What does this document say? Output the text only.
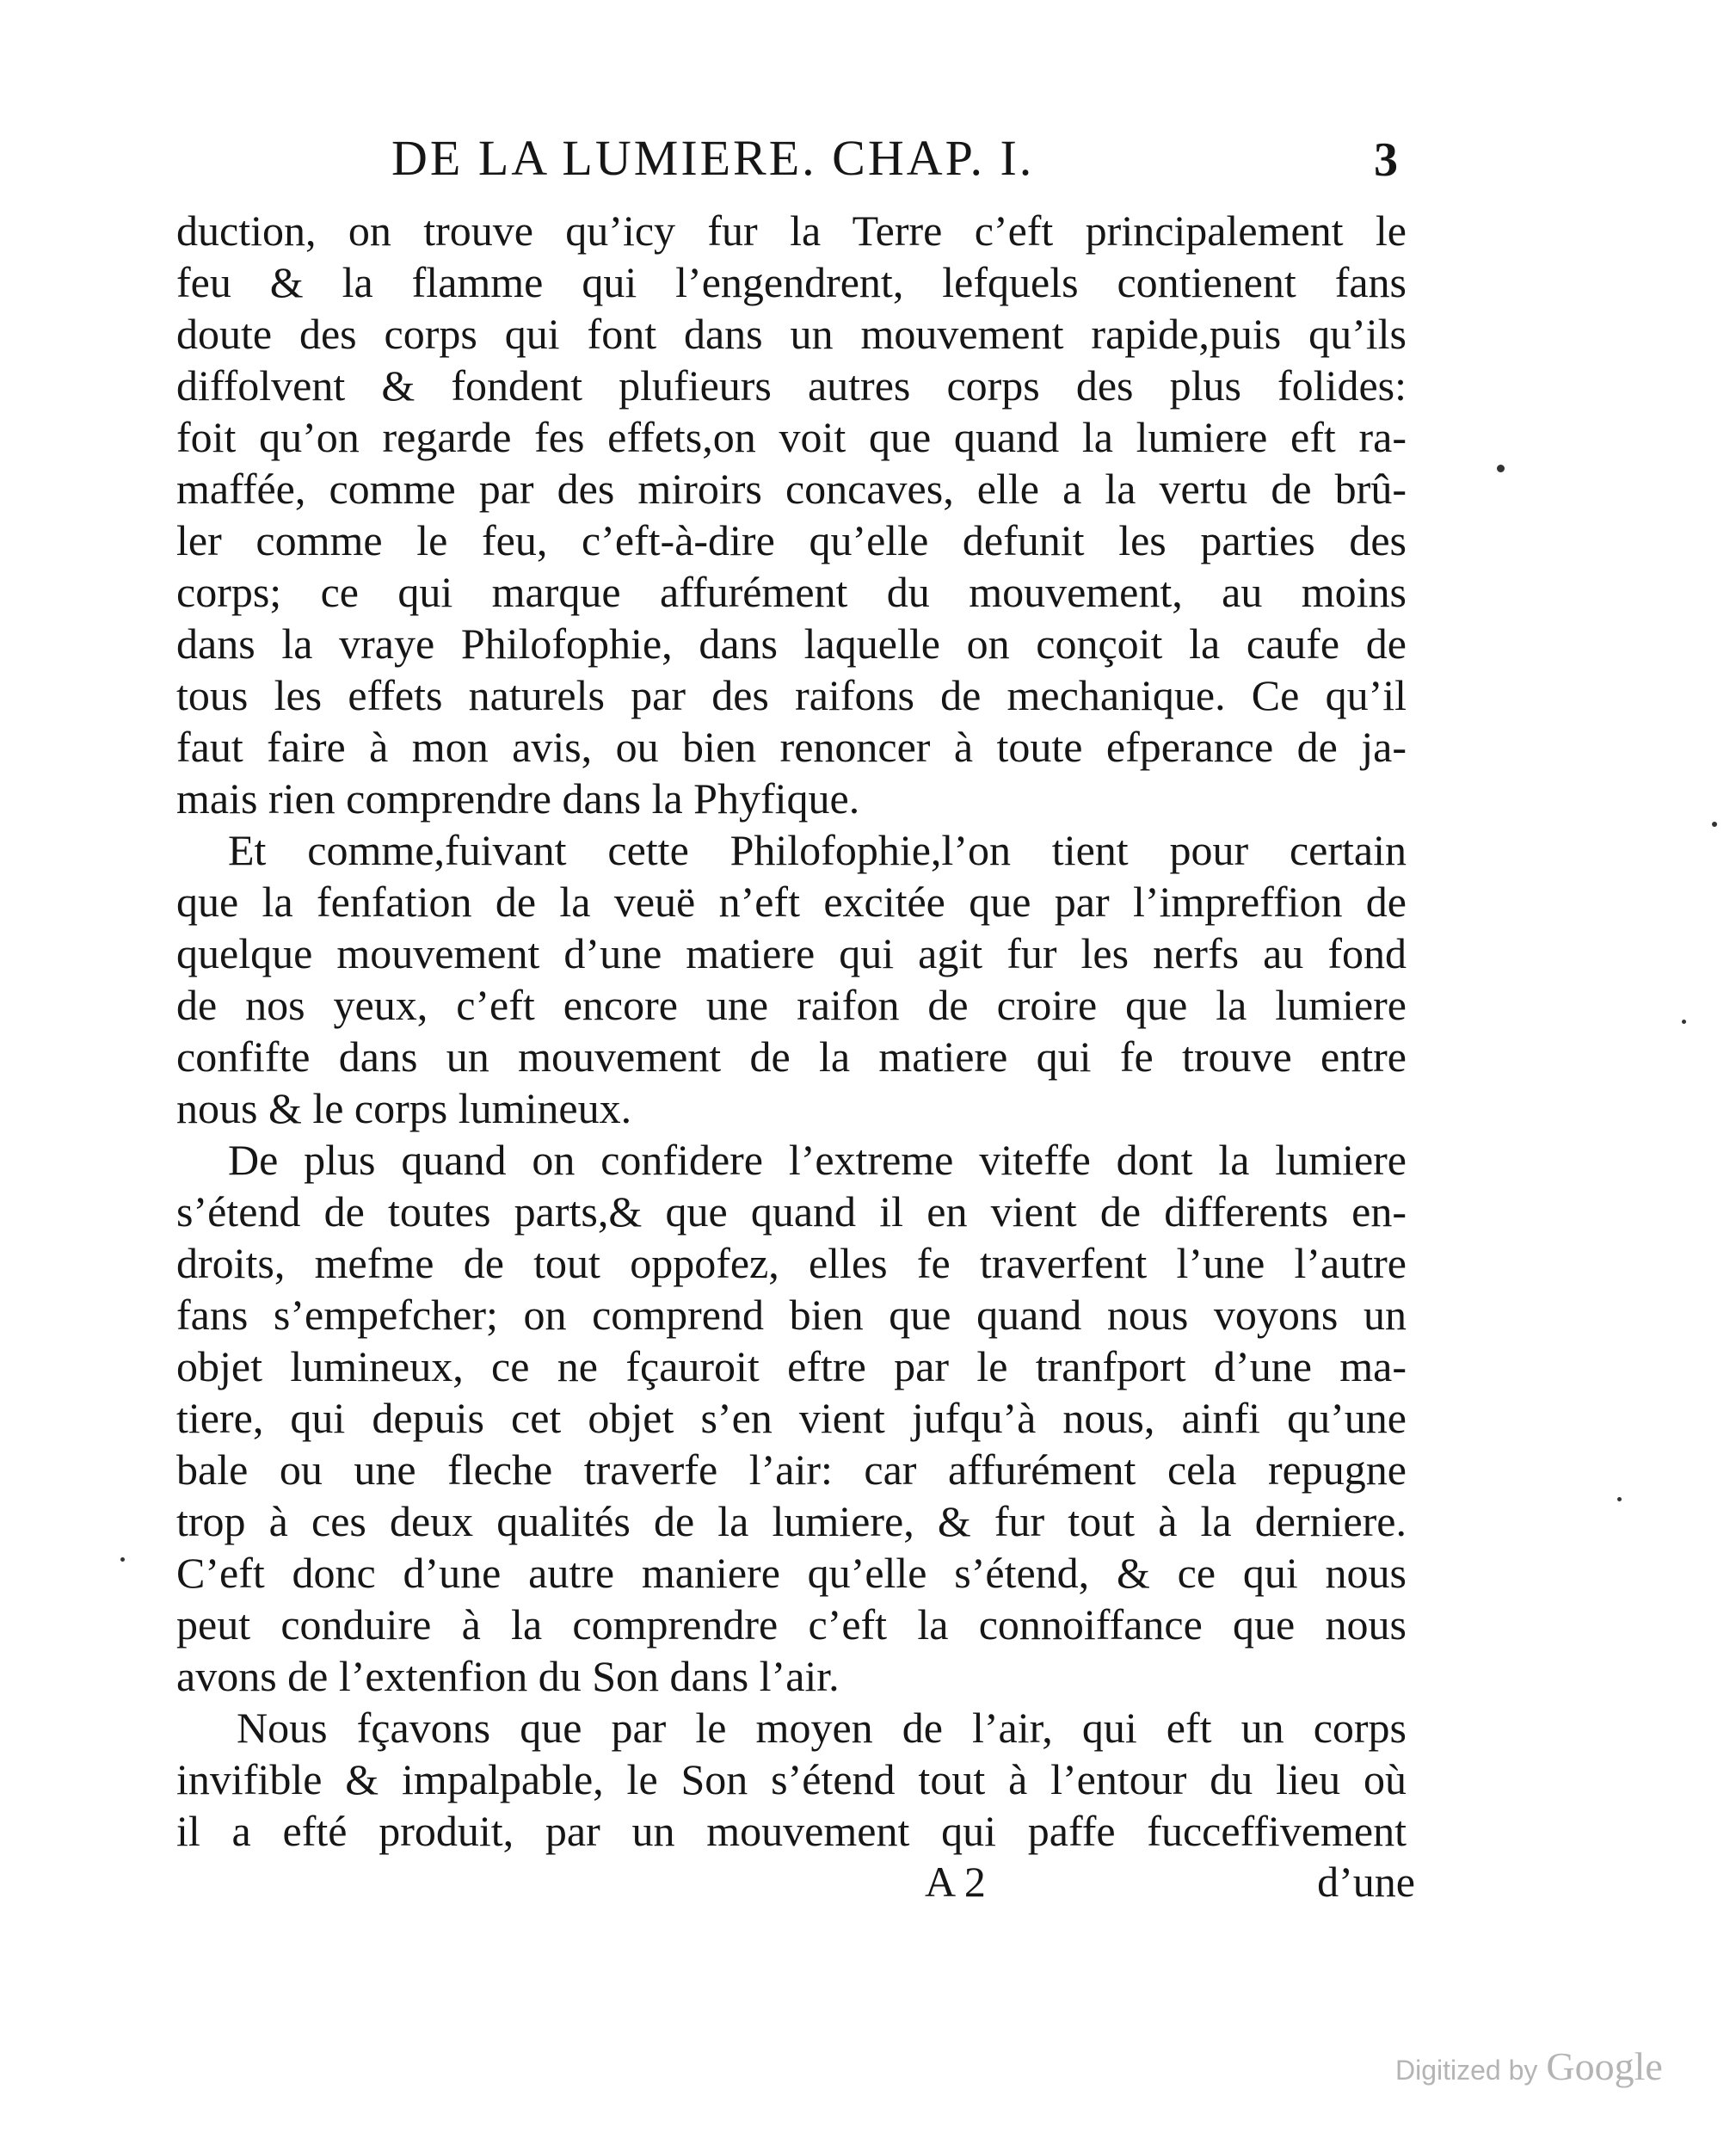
DE LA LUMIERE. CHAP. I.	3
duction, on trouve qu’icy fur la Terre c’eft principalement le
feu & la flamme qui l’engendrent, lefquels contienent fans
doute des corps qui font dans un mouvement rapide,puis qu’ils
diffolvent & fondent plufieurs autres corps des plus folides:
foit qu’on regarde fes effets,on voit que quand la lumiere eft ra-
maffée, comme par des miroirs concaves, elle a la vertu de brû-
ler comme le feu, c’eft-à-dire qu’elle defunit les parties des
corps; ce qui marque affurément du mouvement, au moins
dans la vraye Philofophie, dans laquelle on conçoit la caufe de
tous les effets naturels par des raifons de mechanique. Ce qu’il
faut faire à mon avis, ou bien renoncer à toute efperance de ja-
mais rien comprendre dans la Phyfique.
Et comme,fuivant cette Philofophie,l’on tient pour certain
que la fenfation de la veuë n’eft excitée que par l’impreffion de
quelque mouvement d’une matiere qui agit fur les nerfs au fond
de nos yeux, c’eft encore une raifon de croire que la lumiere
confifte dans un mouvement de la matiere qui fe trouve entre
nous & le corps lumineux.
De plus quand on confidere l’extreme viteffe dont la lumiere
s’étend de toutes parts,& que quand il en vient de differents en-
droits, mefme de tout oppofez, elles fe traverfent l’une l’autre
fans s’empefcher; on comprend bien que quand nous voyons un
objet lumineux, ce ne fçauroit eftre par le tranfport d’une ma-
tiere, qui depuis cet objet s’en vient jufqu’à nous, ainfi qu’une
bale ou une fleche traverfe l’air: car affurément cela repugne
trop à ces deux qualités de la lumiere, & fur tout à la derniere.
C’eft donc d’une autre maniere qu’elle s’étend, & ce qui nous
peut conduire à la comprendre c’eft la connoiffance que nous
avons de l’extenfion du Son dans l’air.
Nous fçavons que par le moyen de l’air, qui eft un corps
invifible & impalpable, le Son s’étend tout à l’entour du lieu où
il a efté produit, par un mouvement qui paffe fucceffivement
A 2	d’une
Digitized by Google
